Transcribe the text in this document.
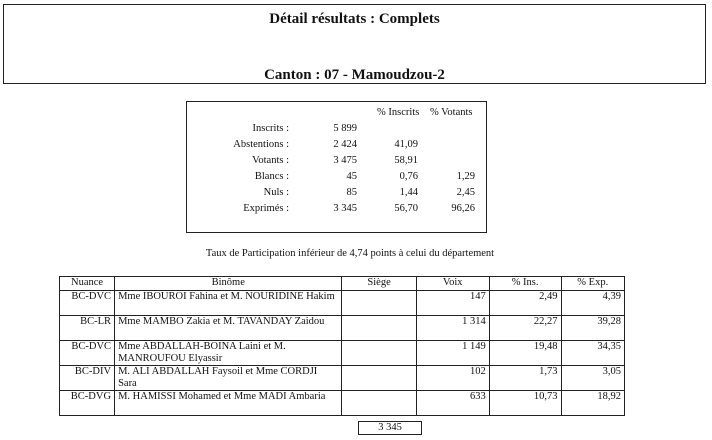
Détail résultats : Complets
Canton : 07 - Mamoudzou-2
% Inscrits % Votants
Inscrits :	5 899
Abstentions :	2 424	41,09
Votants :	3 475	58,91
Blancs :	45	0,76	1,29
Nuls :	85	1,44	2,45
Exprimés :	3 345	56,70	96,26
Taux de Participation inférieur de 4,74 points à celui du département
Nuance	Binôme	Siège	Voix	% Ins.	% Exp.
BC-DVC	Mme IBOUROI Fahina et M. NOURIDINE Hakim		147	2,49	4,39
BC-LR	Mme MAMBO Zakia et M. TAVANDAY Zaidou		1 314	22,27	39,28
BC-DVC	Mme ABDALLAH-BOINA Laini et M. MANROUFOU Elyassir		1 149	19,48	34,35
BC-DIV	M. ALI ABDALLAH Faysoil et Mme CORDJI Sara		102	1,73	3,05
BC-DVG	M. HAMISSI Mohamed et Mme MADI Ambaria		633	10,73	18,92
3 345
